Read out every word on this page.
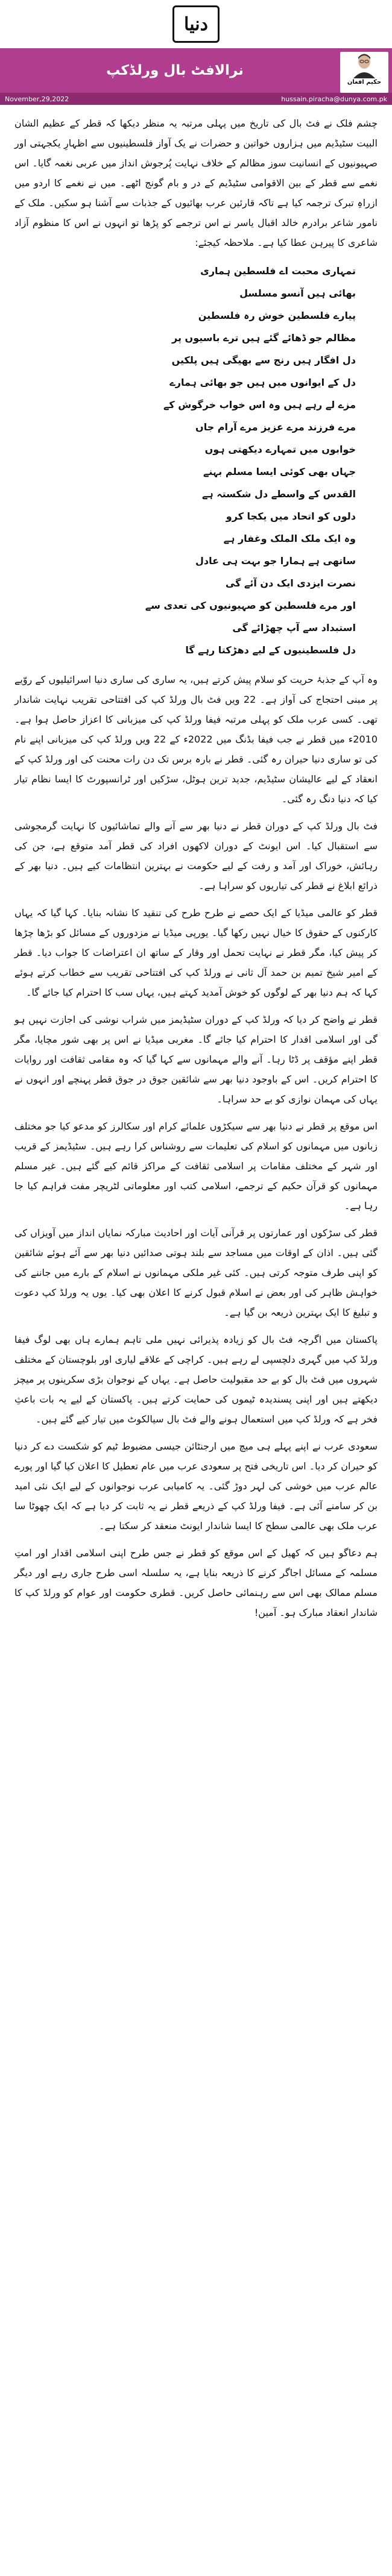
دنیا
نرالافٹ بال ورلڈکپ
حکیم افغان
November,29,2022	hussain.piracha@dunya.com.pk

چشم فلک نے فٹ بال کی تاریخ میں پہلی مرتبہ یہ منظر دیکھا کہ قطر کے عظیم الشان البیت سٹیڈیم میں ہزاروں خواتین و حضرات نے یک آواز فلسطینیوں سے اظہارِ یکجہتی اور صہیونیوں کے انسانیت سوز مظالم کے خلاف نہایت پُرجوش انداز میں عربی نغمہ گایا۔ اس نغمے سے قطر کے بین الاقوامی سٹیڈیم کے در و بام گونج اٹھے۔ میں نے نغمے کا اردو میں ازراہِ تبرک ترجمہ کیا ہے تاکہ قارئین عرب بھائیوں کے جذبات سے آشنا ہو سکیں۔ ملک کے نامور شاعر برادرم خالد اقبال یاسر نے اس ترجمے کو پڑھا تو انہوں نے اس کا منظوم آزاد شاعری کا پیرہن عطا کیا ہے۔ ملاحظہ کیجئے:

تمہاری محبت اے فلسطین ہماری
بھائی ہیں آنسو مسلسل
پیارے فلسطین خوش رہ فلسطین
مظالم جو ڈھائے گئے ہیں ترے باسیوں پر
دل افگار ہیں رنج سے بھیگی ہیں پلکیں
دل کے ایوانوں میں ہیں جو بھائی ہمارے
مزے لے رہے ہیں وہ اس خواب خرگوش کے
مرے فرزند مرے عزیز مرے آرام جاں
خوابوں میں تمہارے دیکھتی ہوں
جہاں بھی کوئی ایسا مسلم بہنے
القدس کے واسطے دل شکستہ ہے
دلوں کو اتحاد میں یکجا کرو
وہ ایک ملک الملک وغفار ہے
ساتھی ہے ہمارا جو بہت ہی عادل
نصرت ایزدی ایک دن آئے گی
اور مرے فلسطین کو صہیونیوں کی تعدی سے
استبداد سے آپ چھڑائے گی
دل فلسطینیوں کے لیے دھڑکتا رہے گا

وہ آپ کے جذبۂ حریت کو سلام پیش کرتے ہیں، یہ ساری کی ساری دنیا اسرائیلیوں کے روّیے پر مبنی احتجاج کی آواز ہے۔ 22 ویں فٹ بال ورلڈ کپ کی افتتاحی تقریب نہایت شاندار تھی۔ کسی عرب ملک کو پہلی مرتبہ فیفا ورلڈ کپ کی میزبانی کا اعزاز حاصل ہوا ہے۔ 2010ء میں قطر نے جب فیفا بڈنگ میں 2022ء کے 22 ویں ورلڈ کپ کی میزبانی اپنے نام کی تو ساری دنیا حیران رہ گئی۔ قطر نے بارہ برس تک دن رات محنت کی اور ورلڈ کپ کے انعقاد کے لیے عالیشان سٹیڈیم، جدید ترین ہوٹل، سڑکیں اور ٹرانسپورٹ کا ایسا نظام تیار کیا کہ دنیا دنگ رہ گئی۔

فٹ بال ورلڈ کپ کے دوران قطر نے دنیا بھر سے آنے والے تماشائیوں کا نہایت گرمجوشی سے استقبال کیا۔ اس ایونٹ کے دوران لاکھوں افراد کی قطر آمد متوقع ہے، جن کی رہائش، خوراک اور آمد و رفت کے لیے حکومت نے بہترین انتظامات کیے ہیں۔ دنیا بھر کے ذرائع ابلاغ نے قطر کی تیاریوں کو سراہا ہے۔

قطر کو عالمی میڈیا کے ایک حصے نے طرح طرح کی تنقید کا نشانہ بنایا۔ کہا گیا کہ یہاں کارکنوں کے حقوق کا خیال نہیں رکھا گیا۔ یورپی میڈیا نے مزدوروں کے مسائل کو بڑھا چڑھا کر پیش کیا، مگر قطر نے نہایت تحمل اور وقار کے ساتھ ان اعتراضات کا جواب دیا۔ قطر کے امیر شیخ تمیم بن حمد آل ثانی نے ورلڈ کپ کی افتتاحی تقریب سے خطاب کرتے ہوئے کہا کہ ہم دنیا بھر کے لوگوں کو خوش آمدید کہتے ہیں، یہاں سب کا احترام کیا جائے گا۔

قطر نے واضح کر دیا کہ ورلڈ کپ کے دوران سٹیڈیمز میں شراب نوشی کی اجازت نہیں ہو گی اور اسلامی اقدار کا احترام کیا جائے گا۔ مغربی میڈیا نے اس پر بھی شور مچایا، مگر قطر اپنے مؤقف پر ڈٹا رہا۔ آنے والے مہمانوں سے کہا گیا کہ وہ مقامی ثقافت اور روایات کا احترام کریں۔ اس کے باوجود دنیا بھر سے شائقین جوق در جوق قطر پہنچے اور انہوں نے یہاں کی مہمان نوازی کو بے حد سراہا۔

اس موقع پر قطر نے دنیا بھر سے سیکڑوں علمائے کرام اور سکالرز کو مدعو کیا جو مختلف زبانوں میں مہمانوں کو اسلام کی تعلیمات سے روشناس کرا رہے ہیں۔ سٹیڈیمز کے قریب اور شہر کے مختلف مقامات پر اسلامی ثقافت کے مراکز قائم کیے گئے ہیں۔ غیر مسلم مہمانوں کو قرآن حکیم کے ترجمے، اسلامی کتب اور معلوماتی لٹریچر مفت فراہم کیا جا رہا ہے۔

قطر کی سڑکوں اور عمارتوں پر قرآنی آیات اور احادیث مبارکہ نمایاں انداز میں آویزاں کی گئی ہیں۔ اذان کے اوقات میں مساجد سے بلند ہوتی صدائیں دنیا بھر سے آئے ہوئے شائقین کو اپنی طرف متوجہ کرتی ہیں۔ کئی غیر ملکی مہمانوں نے اسلام کے بارے میں جاننے کی خواہش ظاہر کی اور بعض نے اسلام قبول کرنے کا اعلان بھی کیا۔ یوں یہ ورلڈ کپ دعوت و تبلیغ کا ایک بہترین ذریعہ بن گیا ہے۔

پاکستان میں اگرچہ فٹ بال کو زیادہ پذیرائی نہیں ملی تاہم ہمارے ہاں بھی لوگ فیفا ورلڈ کپ میں گہری دلچسپی لے رہے ہیں۔ کراچی کے علاقے لیاری اور بلوچستان کے مختلف شہروں میں فٹ بال کو بے حد مقبولیت حاصل ہے۔ یہاں کے نوجوان بڑی سکرینوں پر میچز دیکھتے ہیں اور اپنی پسندیدہ ٹیموں کی حمایت کرتے ہیں۔ پاکستان کے لیے یہ بات باعثِ فخر ہے کہ ورلڈ کپ میں استعمال ہونے والے فٹ بال سیالکوٹ میں تیار کیے گئے ہیں۔

سعودی عرب نے اپنے پہلے ہی میچ میں ارجنٹائن جیسی مضبوط ٹیم کو شکست دے کر دنیا کو حیران کر دیا۔ اس تاریخی فتح پر سعودی عرب میں عام تعطیل کا اعلان کیا گیا اور پورے عالم عرب میں خوشی کی لہر دوڑ گئی۔ یہ کامیابی عرب نوجوانوں کے لیے ایک نئی امید بن کر سامنے آئی ہے۔ فیفا ورلڈ کپ کے ذریعے قطر نے یہ ثابت کر دیا ہے کہ ایک چھوٹا سا عرب ملک بھی عالمی سطح کا ایسا شاندار ایونٹ منعقد کر سکتا ہے۔

ہم دعاگو ہیں کہ کھیل کے اس موقع کو قطر نے جس طرح اپنی اسلامی اقدار اور امتِ مسلمہ کے مسائل اجاگر کرنے کا ذریعہ بنایا ہے، یہ سلسلہ اسی طرح جاری رہے اور دیگر مسلم ممالک بھی اس سے رہنمائی حاصل کریں۔ قطری حکومت اور عوام کو ورلڈ کپ کا شاندار انعقاد مبارک ہو۔ آمین!
